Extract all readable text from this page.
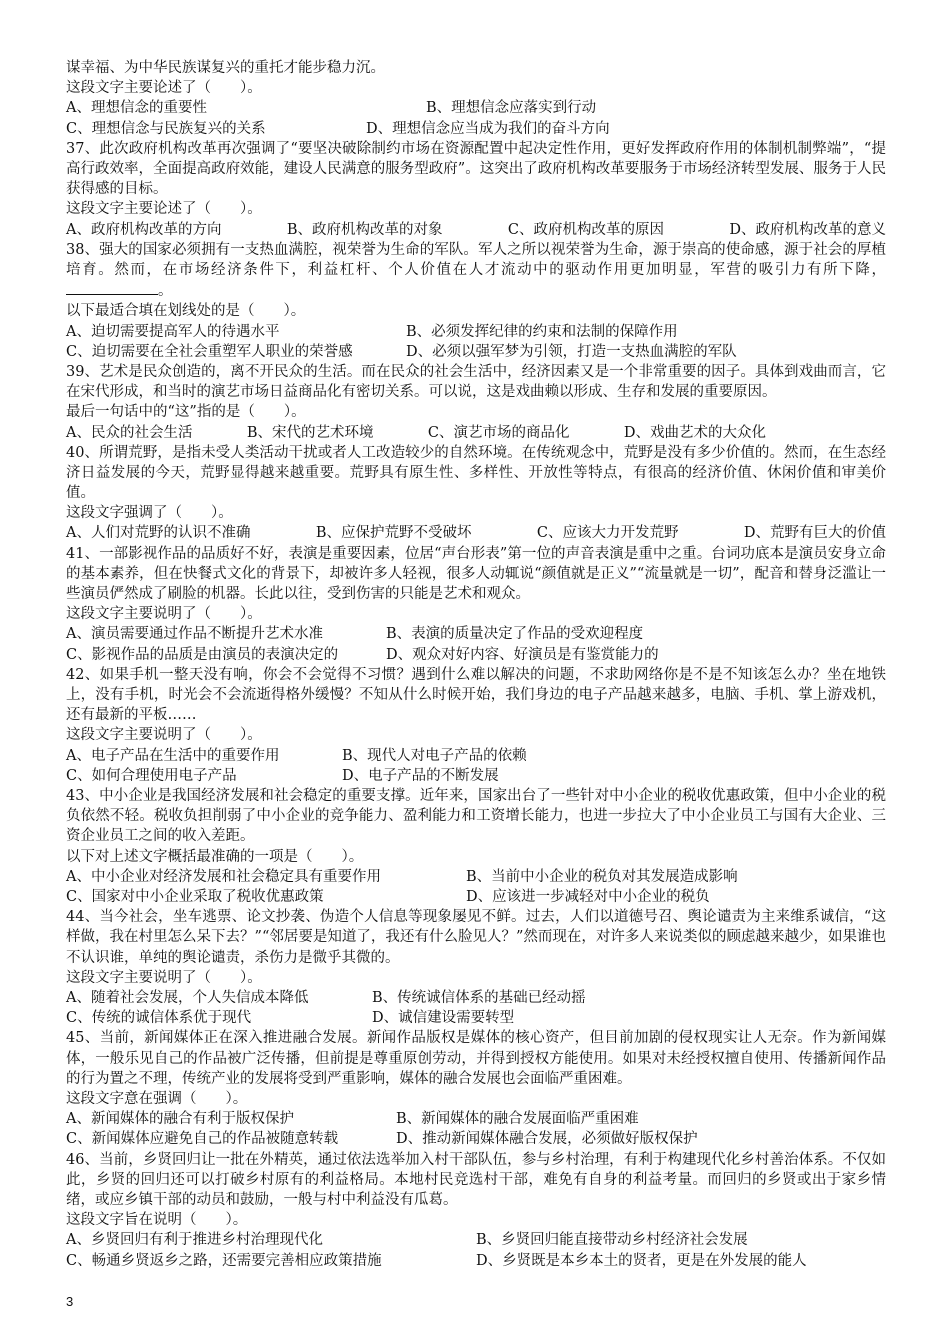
谋幸福、为中华民族谋复兴的重托才能步稳力沉。
这段文字主要论述了（　　）。
A、理想信念的重要性	B、理想信念应落实到行动
C、理想信念与民族复兴的关系	D、理想信念应当成为我们的奋斗方向
37、此次政府机构改革再次强调了“要坚决破除制约市场在资源配置中起决定性作用，更好发挥政府作用的体制机制弊端”，“提高行政效率，全面提高政府效能，建设人民满意的服务型政府”。这突出了政府机构改革要服务于市场经济转型发展、服务于人民获得感的目标。
这段文字主要论述了（　　）。
A、政府机构改革的方向	B、政府机构改革的对象	C、政府机构改革的原因	D、政府机构改革的意义
38、强大的国家必须拥有一支热血满腔，视荣誉为生命的军队。军人之所以视荣誉为生命，源于崇高的使命感，源于社会的厚植培育。然而，在市场经济条件下，利益杠杆、个人价值在人才流动中的驱动作用更加明显，军营的吸引力有所下降，。
以下最适合填在划线处的是（　　）。
A、迫切需要提高军人的待遇水平	B、必须发挥纪律的约束和法制的保障作用
C、迫切需要在全社会重塑军人职业的荣誉感	D、必须以强军梦为引领，打造一支热血满腔的军队
39、艺术是民众创造的，离不开民众的生活。而在民众的社会生活中，经济因素又是一个非常重要的因子。具体到戏曲而言，它在宋代形成，和当时的演艺市场日益商品化有密切关系。可以说，这是戏曲赖以形成、生存和发展的重要原因。
最后一句话中的“这”指的是（　　）。
A、民众的社会生活	B、宋代的艺术环境	C、演艺市场的商品化	D、戏曲艺术的大众化
40、所谓荒野，是指未受人类活动干扰或者人工改造较少的自然环境。在传统观念中，荒野是没有多少价值的。然而，在生态经济日益发展的今天，荒野显得越来越重要。荒野具有原生性、多样性、开放性等特点，有很高的经济价值、休闲价值和审美价值。
这段文字强调了（　　）。
A、人们对荒野的认识不准确	B、应保护荒野不受破坏	C、应该大力开发荒野	D、荒野有巨大的价值
41、一部影视作品的品质好不好，表演是重要因素，位居“声台形表”第一位的声音表演是重中之重。台词功底本是演员安身立命的基本素养，但在快餐式文化的背景下，却被许多人轻视，很多人动辄说“颜值就是正义”“流量就是一切”，配音和替身泛滥让一些演员俨然成了刷脸的机器。长此以往，受到伤害的只能是艺术和观众。
这段文字主要说明了（　　）。
A、演员需要通过作品不断提升艺术水准	B、表演的质量决定了作品的受欢迎程度
C、影视作品的品质是由演员的表演决定的	D、观众对好内容、好演员是有鉴赏能力的
42、如果手机一整天没有响，你会不会觉得不习惯？遇到什么难以解决的问题，不求助网络你是不是不知该怎么办？坐在地铁上，没有手机，时光会不会流逝得格外缓慢？不知从什么时候开始，我们身边的电子产品越来越多，电脑、手机、掌上游戏机，还有最新的平板……
这段文字主要说明了（　　）。
A、电子产品在生活中的重要作用	B、现代人对电子产品的依赖
C、如何合理使用电子产品	D、电子产品的不断发展
43、中小企业是我国经济发展和社会稳定的重要支撑。近年来，国家出台了一些针对中小企业的税收优惠政策，但中小企业的税负依然不轻。税收负担削弱了中小企业的竞争能力、盈利能力和工资增长能力，也进一步拉大了中小企业员工与国有大企业、三资企业员工之间的收入差距。
以下对上述文字概括最准确的一项是（　　）。
A、中小企业对经济发展和社会稳定具有重要作用	B、当前中小企业的税负对其发展造成影响
C、国家对中小企业采取了税收优惠政策	D、应该进一步减轻对中小企业的税负
44、当今社会，坐车逃票、论文抄袭、伪造个人信息等现象屡见不鲜。过去，人们以道德号召、舆论谴责为主来维系诚信，“这样做，我在村里怎么呆下去？”“邻居要是知道了，我还有什么脸见人？”然而现在，对许多人来说类似的顾虑越来越少，如果谁也不认识谁，单纯的舆论谴责，杀伤力是微乎其微的。
这段文字主要说明了（　　）。
A、随着社会发展，个人失信成本降低	B、传统诚信体系的基础已经动摇
C、传统的诚信体系优于现代	D、诚信建设需要转型
45、当前，新闻媒体正在深入推进融合发展。新闻作品版权是媒体的核心资产，但目前加剧的侵权现实让人无奈。作为新闻媒体，一般乐见自己的作品被广泛传播，但前提是尊重原创劳动，并得到授权方能使用。如果对未经授权擅自使用、传播新闻作品的行为置之不理，传统产业的发展将受到严重影响，媒体的融合发展也会面临严重困难。
这段文字意在强调（　　）。
A、新闻媒体的融合有利于版权保护	B、新闻媒体的融合发展面临严重困难
C、新闻媒体应避免自己的作品被随意转载	D、推动新闻媒体融合发展，必须做好版权保护
46、当前，乡贤回归让一批在外精英，通过依法选举加入村干部队伍，参与乡村治理，有利于构建现代化乡村善治体系。不仅如此，乡贤的回归还可以打破乡村原有的利益格局。本地村民竞选村干部，难免有自身的利益考量。而回归的乡贤或出于家乡情绪，或应乡镇干部的动员和鼓励，一般与村中利益没有瓜葛。
这段文字旨在说明（　　）。
A、乡贤回归有利于推进乡村治理现代化	B、乡贤回归能直接带动乡村经济社会发展
C、畅通乡贤返乡之路，还需要完善相应政策措施	D、乡贤既是本乡本土的贤者，更是在外发展的能人
3
